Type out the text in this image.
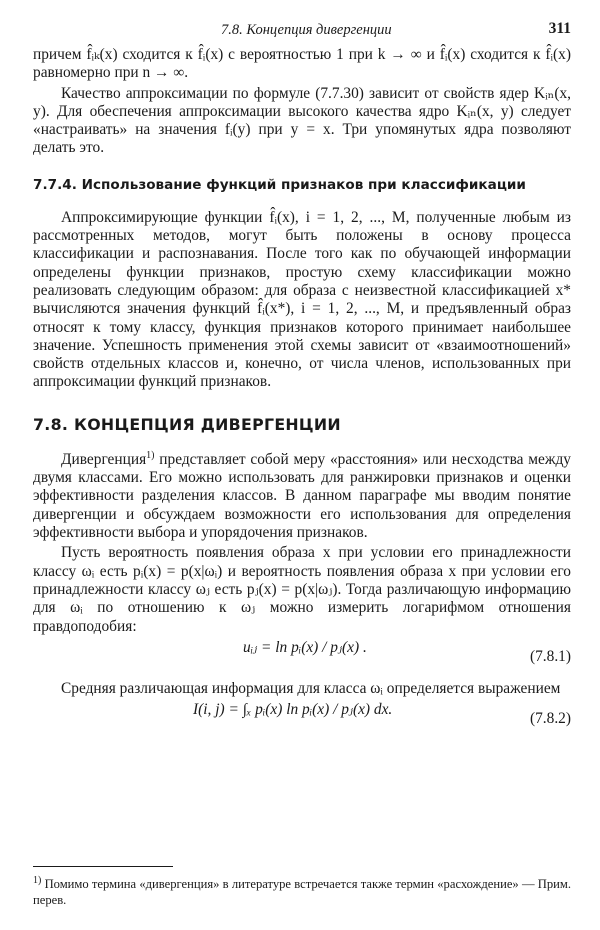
7.8. Концепция дивергенции	311

причем f̂ᵢₖ(x) сходится к f̂ᵢ(x) с вероятностью 1 при k → ∞ и f̂ᵢ(x) сходится к f̂ᵢ(x) равномерно при n → ∞.

Качество аппроксимации по формуле (7.7.30) зависит от свойств ядер Kᵢₙ(x, y). Для обеспечения аппроксимации высокого качества ядро Kᵢₙ(x, y) следует «настраивать» на значения fᵢ(y) при y = x. Три упомянутых ядра позволяют делать это.

7.7.4. Использование функций признаков при классификации

Аппроксимирующие функции f̂ᵢ(x), i = 1, 2, ..., M, полученные любым из рассмотренных методов, могут быть положены в основу процесса классификации и распознавания. После того как по обучающей информации определены функции признаков, простую схему классификации можно реализовать следующим образом: для образа с неизвестной классификацией x* вычисляются значения функций f̂ᵢ(x*), i = 1, 2, ..., M, и предъявленный образ относят к тому классу, функция признаков которого принимает наибольшее значение. Успешность применения этой схемы зависит от «взаимоотношений» свойств отдельных классов и, конечно, от числа членов, использованных при аппроксимации функций признаков.

7.8. КОНЦЕПЦИЯ ДИВЕРГЕНЦИИ

Дивергенция$^{1)}$ представляет собой меру «расстояния» или несходства между двумя классами. Его можно использовать для ранжировки признаков и оценки эффективности разделения классов. В данном параграфе мы вводим понятие дивергенции и обсуждаем возможности его использования для определения эффективности выбора и упорядочения признаков.

Пусть вероятность появления образа x при условии его принадлежности классу ωᵢ есть pᵢ(x) = p(x|ωᵢ) и вероятность появления образа x при условии его принадлежности классу ωⱼ есть pⱼ(x) = p(x|ωⱼ). Тогда различающую информацию для ωᵢ по отношению к ωⱼ можно измерить логарифмом отношения правдоподобия:

uᵢⱼ = ln pᵢ(x) / pⱼ(x) .
(7.8.1)

Средняя различающая информация для класса ωᵢ определяется выражением

I(i, j) = ∫ₓ pᵢ(x) ln pᵢ(x) / pⱼ(x) dx.
(7.8.2)
$^{1)}$ Помимо термина «дивергенция» в литературе встречается также термин «расхождение» — Прим. перев.
